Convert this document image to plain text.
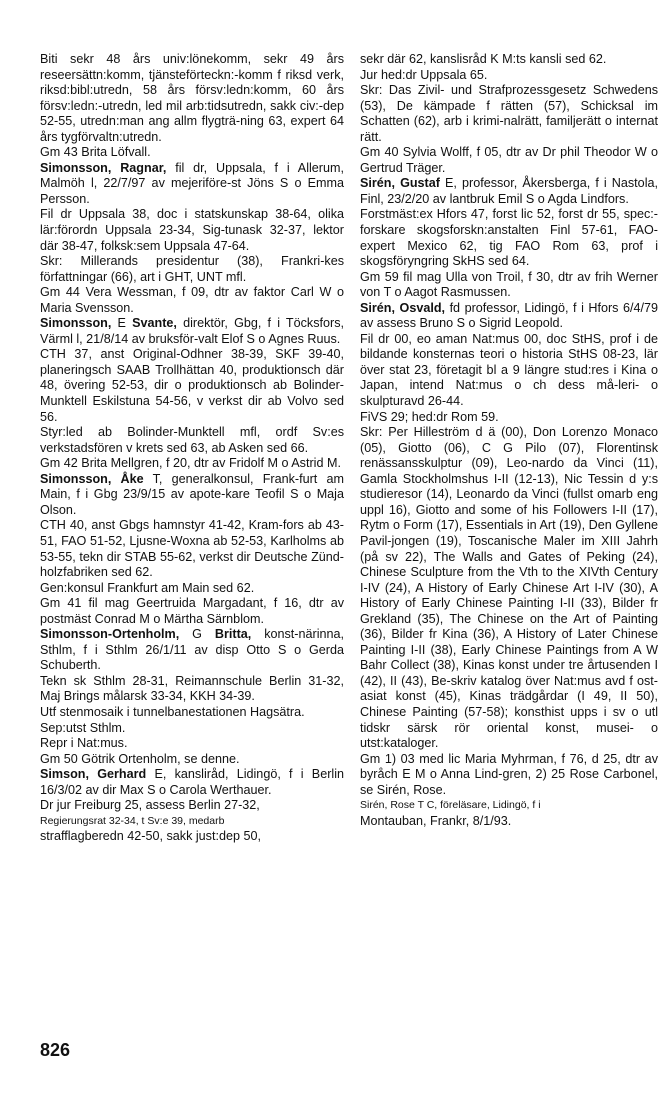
Biti sekr 48 års univ:lönekomm, sekr 49 års reseersättn:komm, tjänsteförteckn:-komm f riksd verk, riksd:bibl:utredn, 58 års försv:ledn:komm, 60 års försv:ledn:-utredn, led mil arb:tidsutredn, sakk civ:-dep 52-55, utredn:man ang allm flygträ-ning 63, expert 64 års tygförvaltn:utredn.

Gm 43 Brita Löfvall.

Simonsson, Ragnar, fil dr, Uppsala, f i Allerum, Malmöh l, 22/7/97 av mejeriföre-st Jöns S o Emma Persson.

Fil dr Uppsala 38, doc i statskunskap 38-64, olika lär:förordn Uppsala 23-34, Sig-tunask 32-37, lektor där 38-47, folksk:sem Uppsala 47-64.

Skr: Millerands presidentur (38), Frankri-kes författningar (66), art i GHT, UNT mfl.

Gm 44 Vera Wessman, f 09, dtr av faktor Carl W o Maria Svensson.

Simonsson, E Svante, direktör, Gbg, f i Töcksfors, Värml l, 21/8/14 av bruksför-valt Elof S o Agnes Ruus.

CTH 37, anst Original-Odhner 38-39, SKF 39-40, planeringsch SAAB Trollhättan 40, produktionsch där 48, övering 52-53, dir o produktionsch ab Bolinder-Munktell Eskilstuna 54-56, v verkst dir ab Volvo sed 56.

Styr:led ab Bolinder-Munktell mfl, ordf Sv:es verkstadsfören v krets sed 63, ab Asken sed 66.

Gm 42 Brita Mellgren, f 20, dtr av Fridolf M o Astrid M.

Simonsson, Åke T, generalkonsul, Frank-furt am Main, f i Gbg 23/9/15 av apote-kare Teofil S o Maja Olson.

CTH 40, anst Gbgs hamnstyr 41-42, Kram-fors ab 43-51, FAO 51-52, Ljusne-Woxna ab 52-53, Karlholms ab 53-55, tekn dir STAB 55-62, verkst dir Deutsche Zünd-holzfabriken sed 62.

Gen:konsul Frankfurt am Main sed 62.

Gm 41 fil mag Geertruida Margadant, f 16, dtr av postmäst Conrad M o Märtha Särnblom.

Simonsson-Ortenholm, G Britta, konst-närinna, Sthlm, f i Sthlm 26/1/11 av disp Otto S o Gerda Schuberth.

Tekn sk Sthlm 28-31, Reimannschule Berlin 31-32, Maj Brings målarsk 33-34, KKH 34-39.

Utf stenmosaik i tunnelbanestationen Hagsätra.

Sep:utst Sthlm.

Repr i Nat:mus.

Gm 50 Götrik Ortenholm, se denne.

Simson, Gerhard E, kansliråd, Lidingö, f i Berlin 16/3/02 av dir Max S o Carola Werthauer.

Dr jur Freiburg 25, assess Berlin 27-32,

Regierungsrat 32-34, t Sv:e 39, medarb

strafflagberedn 42-50, sakk just:dep 50,

sekr där 62, kanslisråd K M:ts kansli sed 62.

Jur hed:dr Uppsala 65.

Skr: Das Zivil- und Strafprozessgesetz Schwedens (53), De kämpade f rätten (57), Schicksal im Schatten (62), arb i krimi-nalrätt, familjerätt o internat rätt.

Gm 40 Sylvia Wolff, f 05, dtr av Dr phil Theodor W o Gertrud Träger.

Sirén, Gustaf E, professor, Åkersberga, f i Nastola, Finl, 23/2/20 av lantbruk Emil S o Agda Lindfors.

Forstmäst:ex Hfors 47, forst lic 52, forst dr 55, spec:-forskare skogsforskn:anstalten Finl 57-61, FAO-expert Mexico 62, tig FAO Rom 63, prof i skogsföryngring SkHS sed 64.

Gm 59 fil mag Ulla von Troil, f 30, dtr av frih Werner von T o Aagot Rasmussen.

Sirén, Osvald, fd professor, Lidingö, f i Hfors 6/4/79 av assess Bruno S o Sigrid Leopold.

Fil dr 00, eo aman Nat:mus 00, doc StHS, prof i de bildande konsternas teori o historia StHS 08-23, lär över stat 23, företagit bl a 9 längre stud:res i Kina o Japan, intend Nat:mus o ch dess må-leri- o skulpturavd 26-44.

FiVS 29; hed:dr Rom 59.

Skr: Per Hilleström d ä (00), Don Lorenzo Monaco (05), Giotto (06), C G Pilo (07), Florentinsk renässansskulptur (09), Leo-nardo da Vinci (11), Gamla Stockholmshus I-II (12-13), Nic Tessin d y:s studieresor (14), Leonardo da Vinci (fullst omarb eng uppl 16), Giotto and some of his Followers I-II (17), Rytm o Form (17), Essentials in Art (19), Den Gyllene Pavil-jongen (19), Toscanische Maler im XIII Jahrh (på sv 22), The Walls and Gates of Peking (24), Chinese Sculpture from the Vth to the XIVth Century I-IV (24), A History of Early Chinese Art I-IV (30), A History of Early Chinese Painting I-II (33), Bilder fr Grekland (35), The Chinese on the Art of Painting (36), Bilder fr Kina (36), A History of Later Chinese Painting I-II (38), Early Chinese Paintings from A W Bahr Collect (38), Kinas konst under tre årtusenden I (42), II (43), Be-skriv katalog över Nat:mus avd f ost-asiat konst (45), Kinas trädgårdar (I 49, II 50), Chinese Painting (57-58); konsthist upps i sv o utl tidskr särsk rör oriental konst, musei- o utst:kataloger.

Gm 1) 03 med lic Maria Myhrman, f 76, d 25, dtr av byråch E M o Anna Lind-gren, 2) 25 Rose Carbonel, se Sirén, Rose.

Sirén, Rose T C, föreläsare, Lidingö, f i

Montauban, Frankr, 8/1/93.

826
